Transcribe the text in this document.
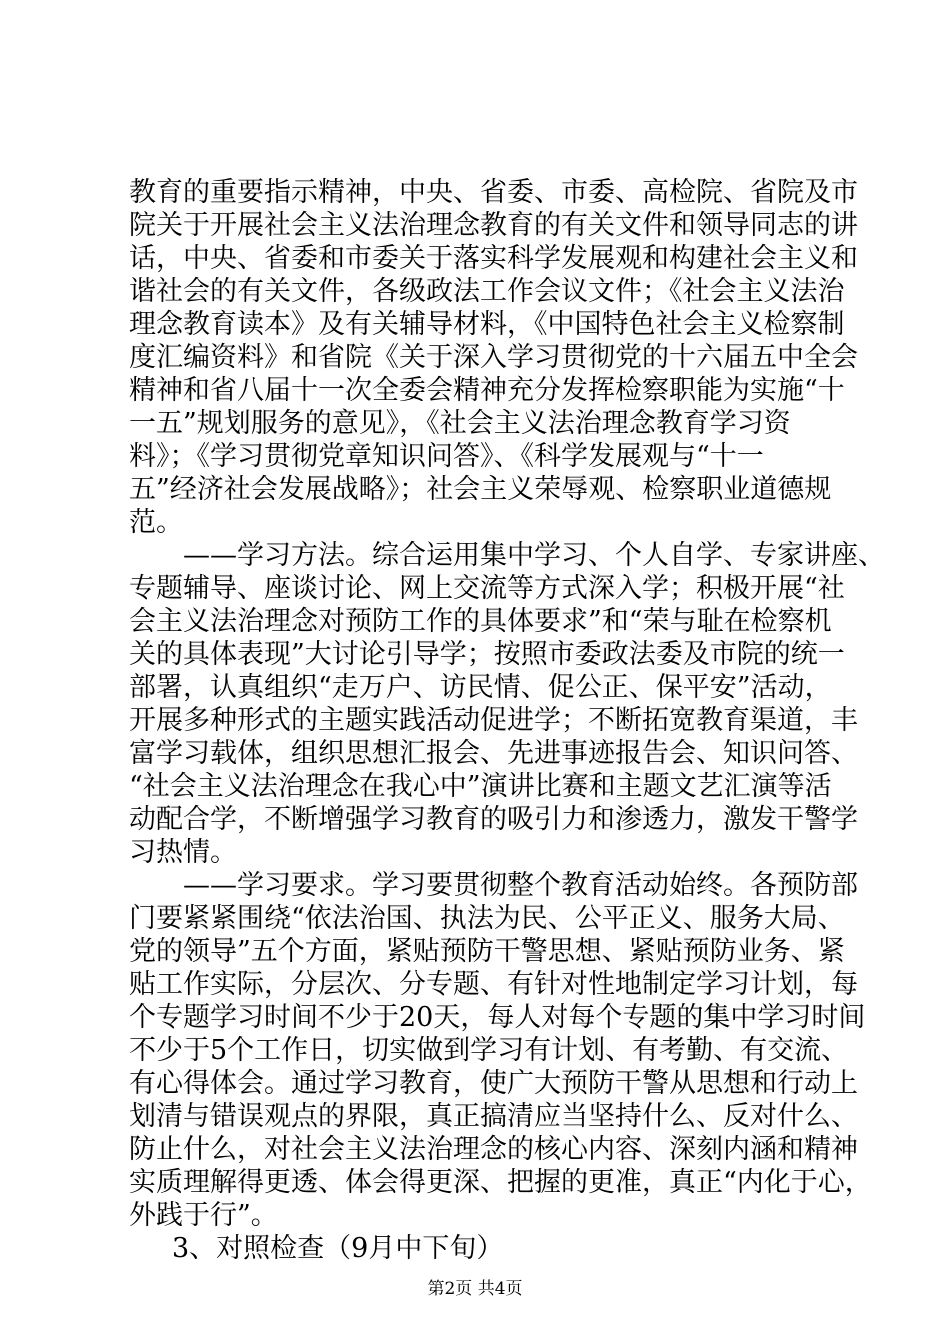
教育的重要指示精神，中央、省委、市委、高检院、省院及市
院关于开展社会主义法治理念教育的有关文件和领导同志的讲
话，中央、省委和市委关于落实科学发展观和构建社会主义和
谐社会的有关文件，各级政法工作会议文件；《社会主义法治
理念教育读本》及有关辅导材料，《中国特色社会主义检察制
度汇编资料》和省院《关于深入学习贯彻党的十六届五中全会
精神和省八届十一次全委会精神充分发挥检察职能为实施“十
一五”规划服务的意见》，《社会主义法治理念教育学习资
料》；《学习贯彻党章知识问答》、《科学发展观与“十一
五”经济社会发展战略》；社会主义荣辱观、检察职业道德规
范。
——学习方法。综合运用集中学习、个人自学、专家讲座、
专题辅导、座谈讨论、网上交流等方式深入学；积极开展“社
会主义法治理念对预防工作的具体要求”和“荣与耻在检察机
关的具体表现”大讨论引导学；按照市委政法委及市院的统一
部署，认真组织“走万户、访民情、促公正、保平安”活动，
开展多种形式的主题实践活动促进学；不断拓宽教育渠道，丰
富学习载体，组织思想汇报会、先进事迹报告会、知识问答、
“社会主义法治理念在我心中”演讲比赛和主题文艺汇演等活
动配合学，不断增强学习教育的吸引力和渗透力，激发干警学
习热情。
——学习要求。学习要贯彻整个教育活动始终。各预防部
门要紧紧围绕“依法治国、执法为民、公平正义、服务大局、
党的领导”五个方面，紧贴预防干警思想、紧贴预防业务、紧
贴工作实际，分层次、分专题、有针对性地制定学习计划，每
个专题学习时间不少于20天，每人对每个专题的集中学习时间
不少于5个工作日，切实做到学习有计划、有考勤、有交流、
有心得体会。通过学习教育，使广大预防干警从思想和行动上
划清与错误观点的界限，真正搞清应当坚持什么、反对什么、
防止什么，对社会主义法治理念的核心内容、深刻内涵和精神
实质理解得更透、体会得更深、把握的更准，真正“内化于心，
外践于行”。
3、对照检查（9月中下旬）
第2页 共4页
